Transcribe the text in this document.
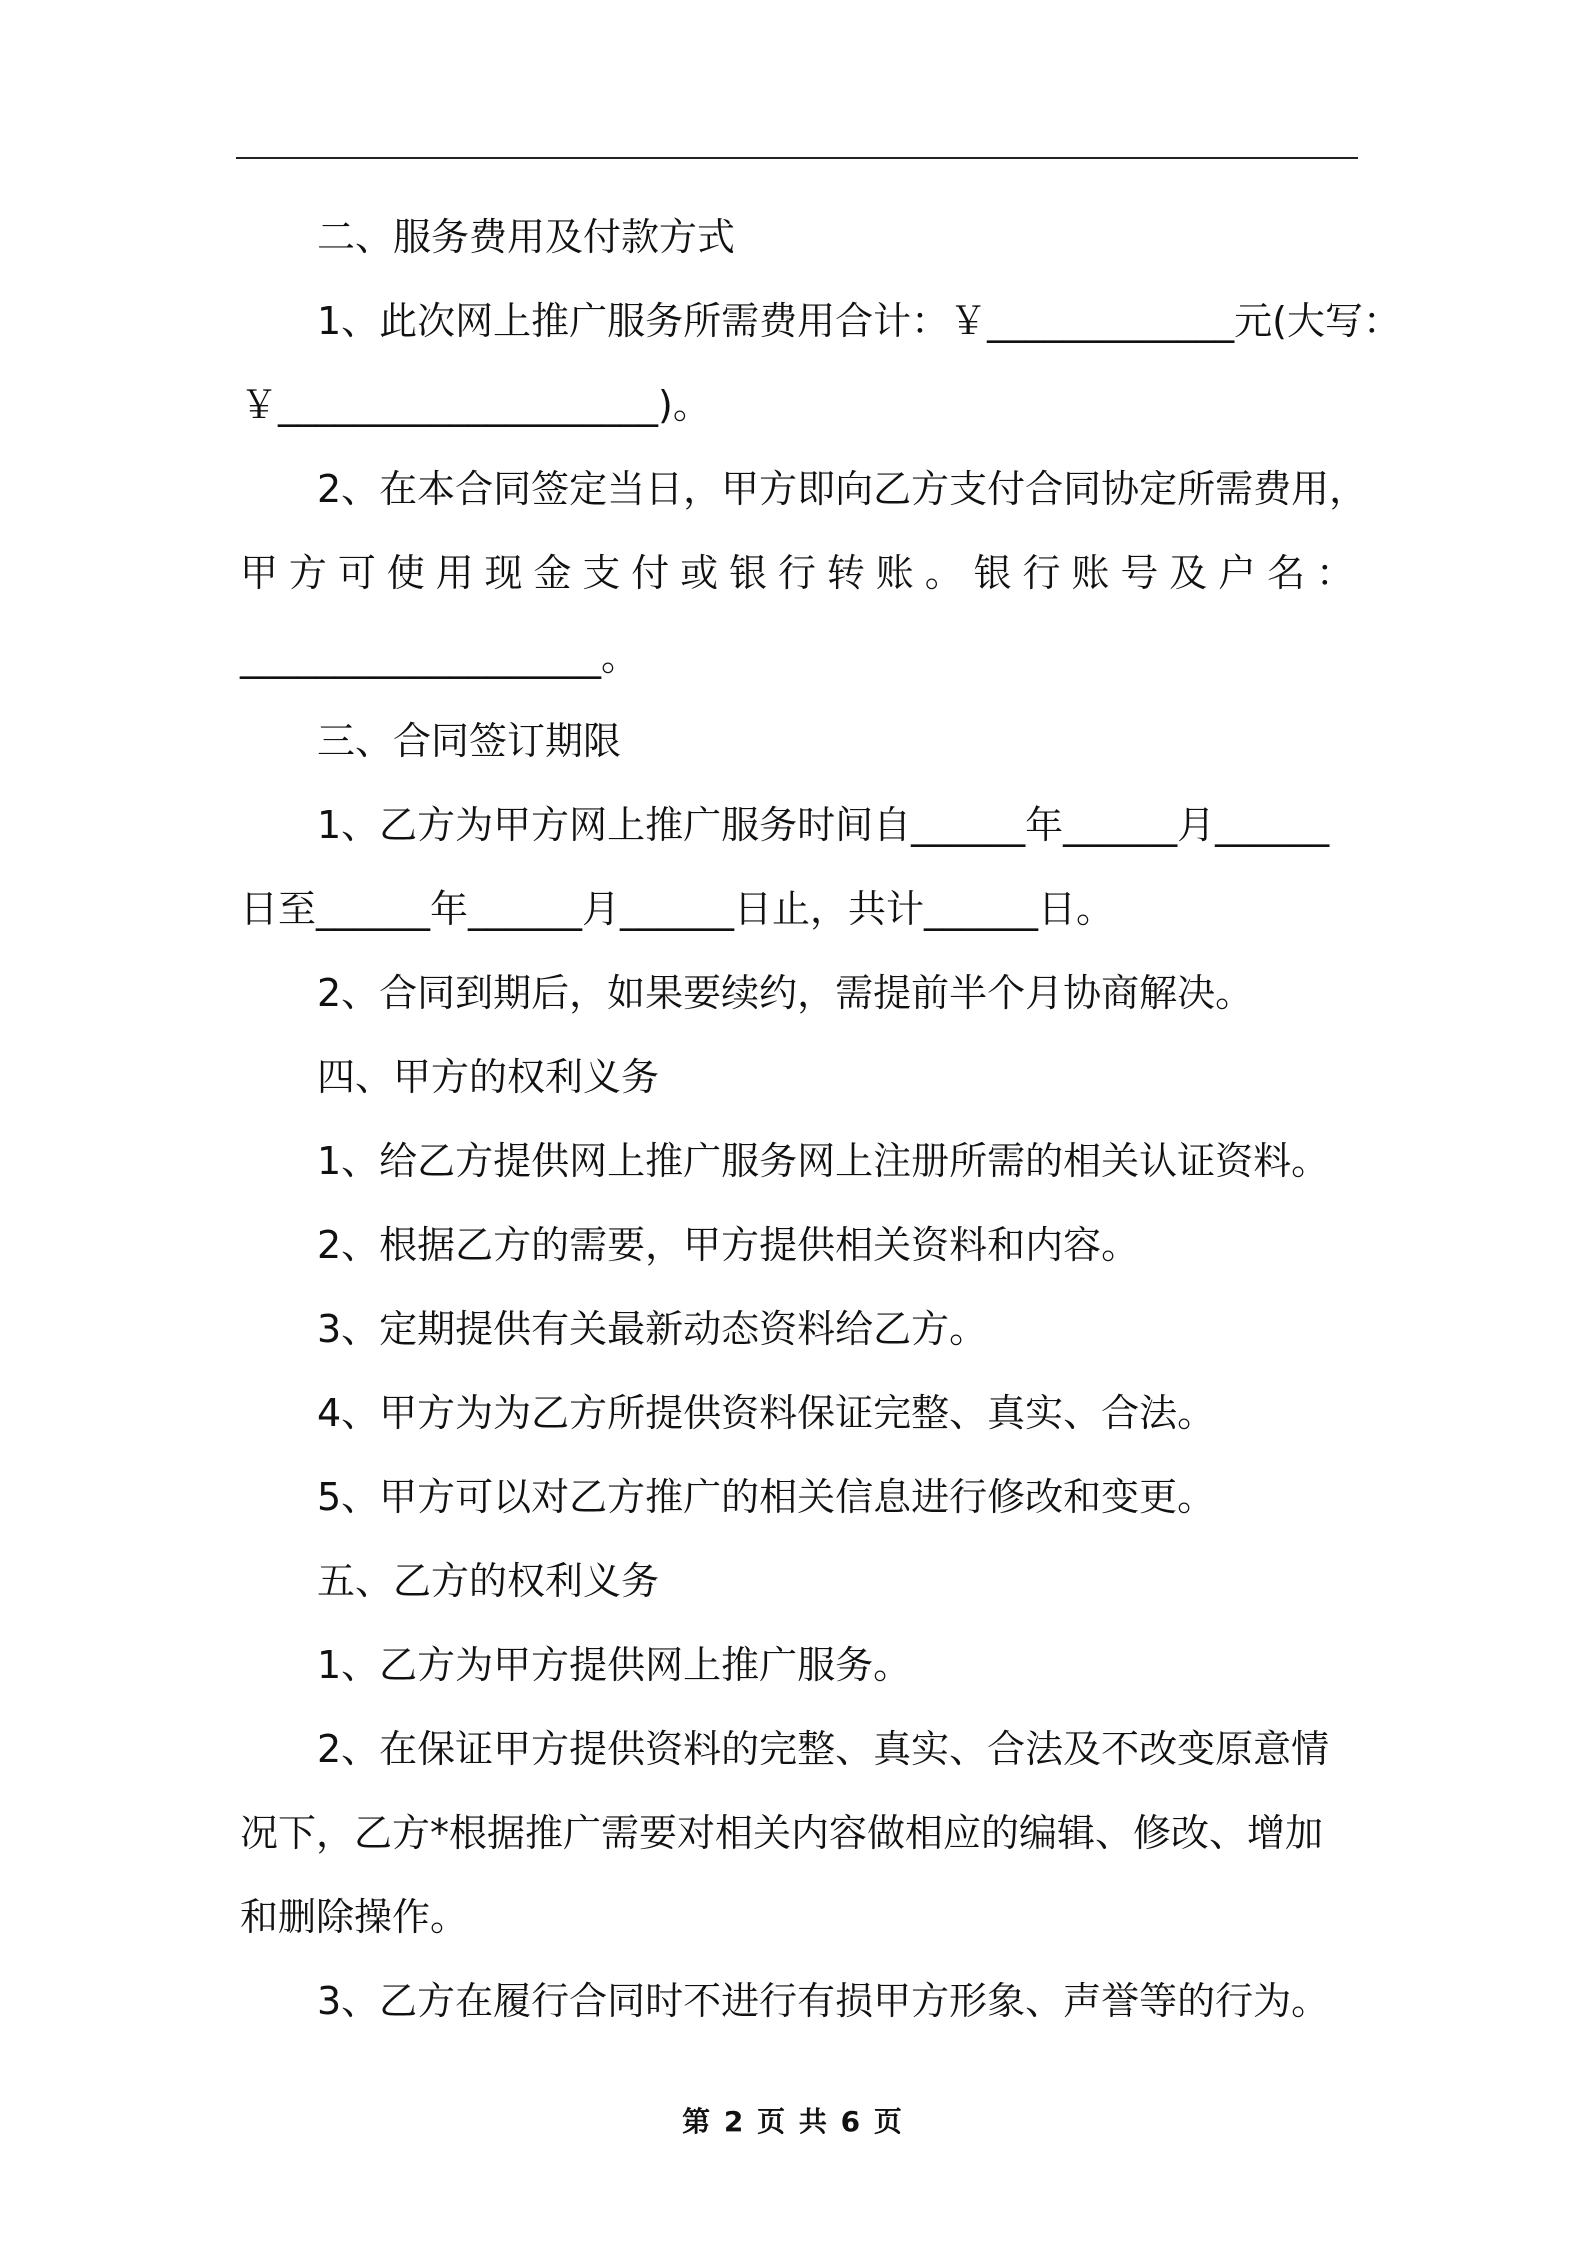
二、服务费用及付款方式
1、此次网上推广服务所需费用合计：￥_____________元(大写：
￥____________________)。
2、在本合同签定当日，甲方即向乙方支付合同协定所需费用，
甲方可使用现金支付或银行转账。银行账号及户名：
___________________。
三、合同签订期限
1、乙方为甲方网上推广服务时间自______年______月______
日至______年______月______日止，共计______日。
2、合同到期后，如果要续约，需提前半个月协商解决。
四、甲方的权利义务
1、给乙方提供网上推广服务网上注册所需的相关认证资料。
2、根据乙方的需要，甲方提供相关资料和内容。
3、定期提供有关最新动态资料给乙方。
4、甲方为为乙方所提供资料保证完整、真实、合法。
5、甲方可以对乙方推广的相关信息进行修改和变更。
五、乙方的权利义务
1、乙方为甲方提供网上推广服务。
2、在保证甲方提供资料的完整、真实、合法及不改变原意情况下，乙方*根据推广需要对相关内容做相应的编辑、修改、增加和删除操作。
3、乙方在履行合同时不进行有损甲方形象、声誉等的行为。
第 2 页 共 6 页
